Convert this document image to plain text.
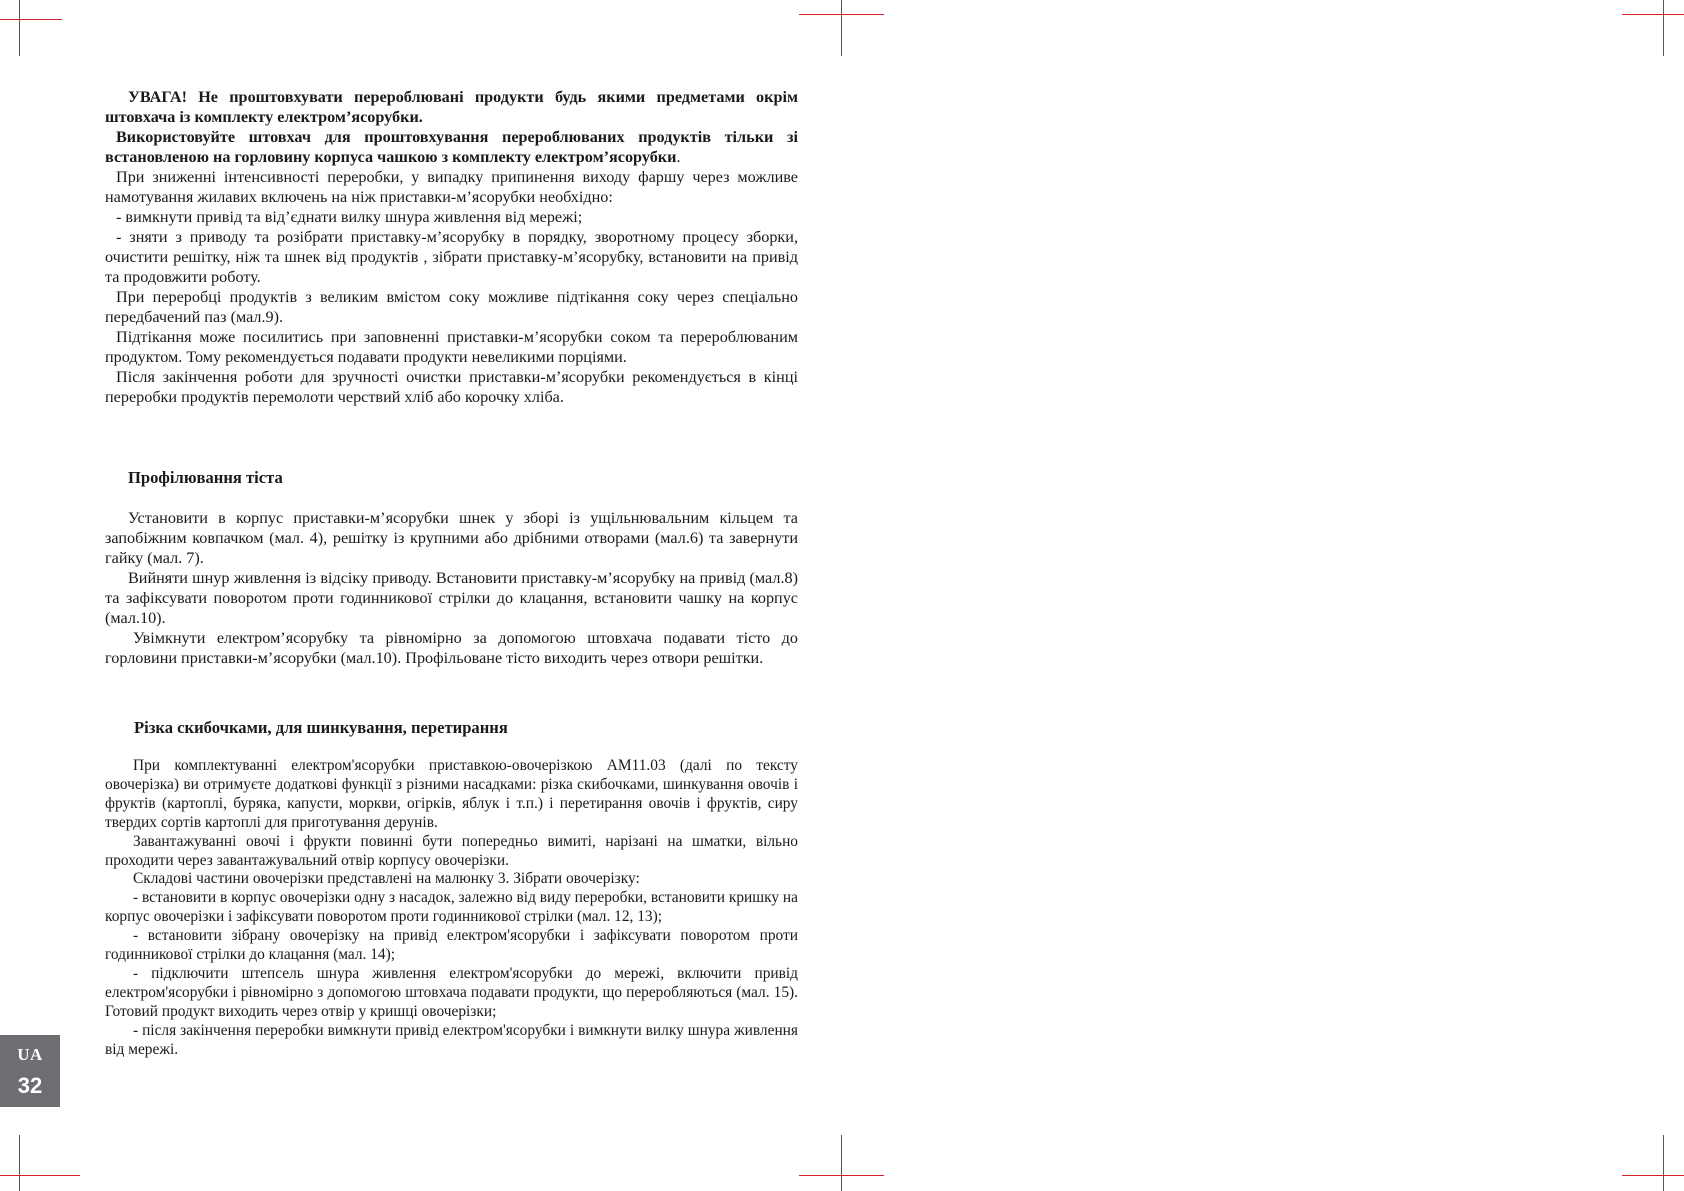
УВАГА! Не проштовхувати перероблювані продукти будь якими предметами окрім штовхача із комплекту електром’ясорубки.

Використовуйте штовхач для проштовхування перероблюваних продуктів тільки зі встановленою на горловину корпуса чашкою з комплекту електром’ясорубки.

При зниженні інтенсивності переробки, у випадку припинення виходу фаршу через можливе намотування жилавих включень на ніж приставки-м’ясорубки необхідно:

- вимкнути привід та від’єднати вилку шнура живлення від мережі;

- зняти з приводу та розібрати приставку-м’ясорубку в порядку, зворотному процесу зборки, очистити решітку, ніж та шнек від продуктів , зібрати приставку-м’ясорубку, встановити на привід та продовжити роботу.

При переробці продуктів з великим вмістом соку можливе підтікання соку через спеціально передбачений паз (мал.9).

Підтікання може посилитись при заповненні приставки-м’ясорубки соком та перероблюваним продуктом. Тому рекомендується подавати продукти невеликими порціями.

Після закінчення роботи для зручності очистки приставки-м’ясорубки рекомендується в кінці переробки продуктів перемолоти черствий хліб або корочку хліба.

Профілювання тіста

Установити в корпус приставки-м’ясорубки шнек у зборі із ущільнювальним кільцем та запобіжним ковпачком (мал. 4), решітку із крупними або дрібними отворами (мал.6) та завернути гайку (мал. 7).

Вийняти шнур живлення із відсіку приводу. Встановити приставку-м’ясорубку на привід (мал.8) та зафіксувати поворотом проти годинникової стрілки до клацання, встановити чашку на корпус (мал.10).

Увімкнути електром’ясорубку та рівномірно за допомогою штовхача подавати тісто до горловини приставки-м’ясорубки (мал.10). Профільоване тісто виходить через отвори решітки.

Різка скибочками, для шинкування, перетирання

При комплектуванні електром'ясорубки приставкою-овочерізкою АМ11.03 (далі по тексту овочерізка) ви отримуєте додаткові функції з різними насадками: різка скибочками, шинкування овочів і фруктів (картоплі, буряка, капусти, моркви, огірків, яблук і т.п.) і перетирання овочів і фруктів, сиру твердих сортів картоплі для приготування дерунів.

Завантажуванні овочі і фрукти повинні бути попередньо вимиті, нарізані на шматки, вільно проходити через завантажувальний отвір корпусу овочерізки.

Складові частини овочерізки представлені на малюнку 3. Зібрати овочерізку:

- встановити в корпус овочерізки одну з насадок, залежно від виду переробки, встановити кришку на корпус овочерізки і зафіксувати поворотом проти годинникової стрілки (мал. 12, 13);

- встановити зібрану овочерізку на привід електром'ясорубки і зафіксувати поворотом проти годинникової стрілки до клацання (мал. 14);

- підключити штепсель шнура живлення електром'ясорубки до мережі, включити привід електром'ясорубки і рівномірно з допомогою штовхача подавати продукти, що переробляються (мал. 15). Готовий продукт виходить через отвір у кришці овочерізки;

- після закінчення переробки вимкнути привід електром'ясорубки і вимкнути вилку шнура живлення від мережі.

UA
32
